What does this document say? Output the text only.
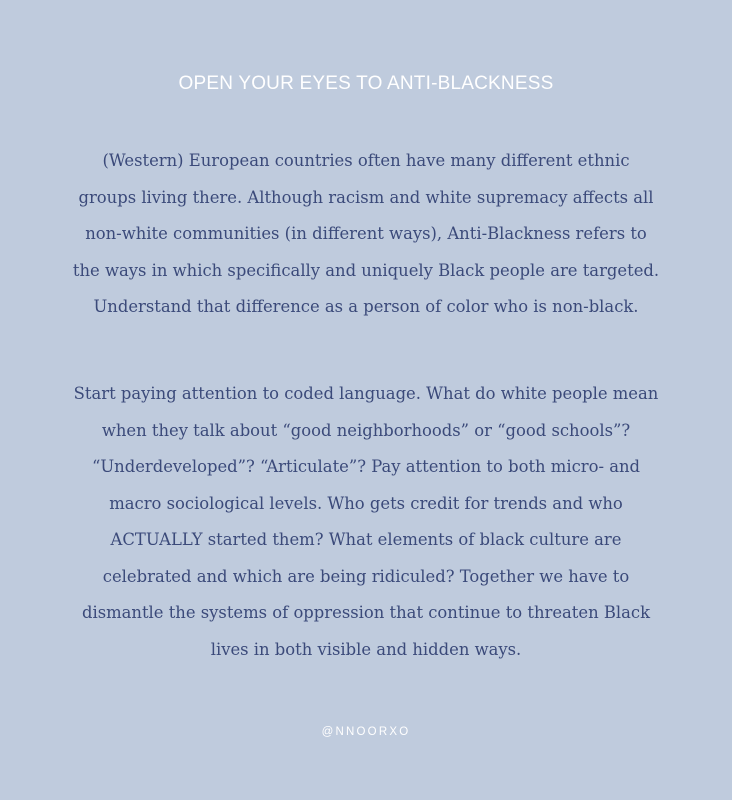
OPEN YOUR EYES TO ANTI-BLACKNESS

(Western) European countries often have many different ethnic
groups living there. Although racism and white supremacy affects all
non-white communities (in different ways), Anti-Blackness refers to
the ways in which specifically and uniquely Black people are targeted.
Understand that difference as a person of color who is non-black.

Start paying attention to coded language. What do white people mean
when they talk about “good neighborhoods” or “good schools”?
“Underdeveloped”? “Articulate”? Pay attention to both micro- and
macro sociological levels. Who gets credit for trends and who
ACTUALLY started them? What elements of black culture are
celebrated and which are being ridiculed? Together we have to
dismantle the systems of oppression that continue to threaten Black
lives in both visible and hidden ways.

@NNOORXO
